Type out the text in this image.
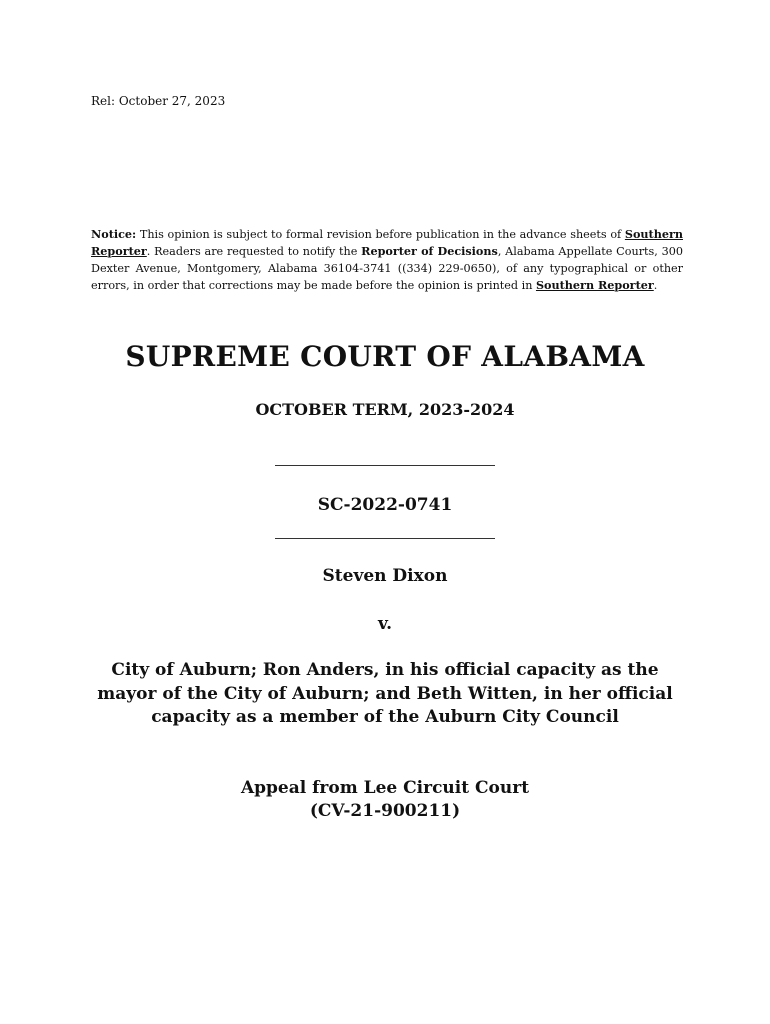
Rel: October 27, 2023
Notice: This opinion is subject to formal revision before publication in the advance sheets of Southern Reporter. Readers are requested to notify the Reporter of Decisions, Alabama Appellate Courts, 300 Dexter Avenue, Montgomery, Alabama 36104-3741 ((334) 229-0650), of any typographical or other errors, in order that corrections may be made before the opinion is printed in Southern Reporter.
SUPREME COURT OF ALABAMA
OCTOBER TERM, 2023-2024
SC-2022-0741
Steven Dixon
v.
City of Auburn; Ron Anders, in his official capacity as the
mayor of the City of Auburn; and Beth Witten, in her official
capacity as a member of the Auburn City Council
Appeal from Lee Circuit Court
(CV-21-900211)
